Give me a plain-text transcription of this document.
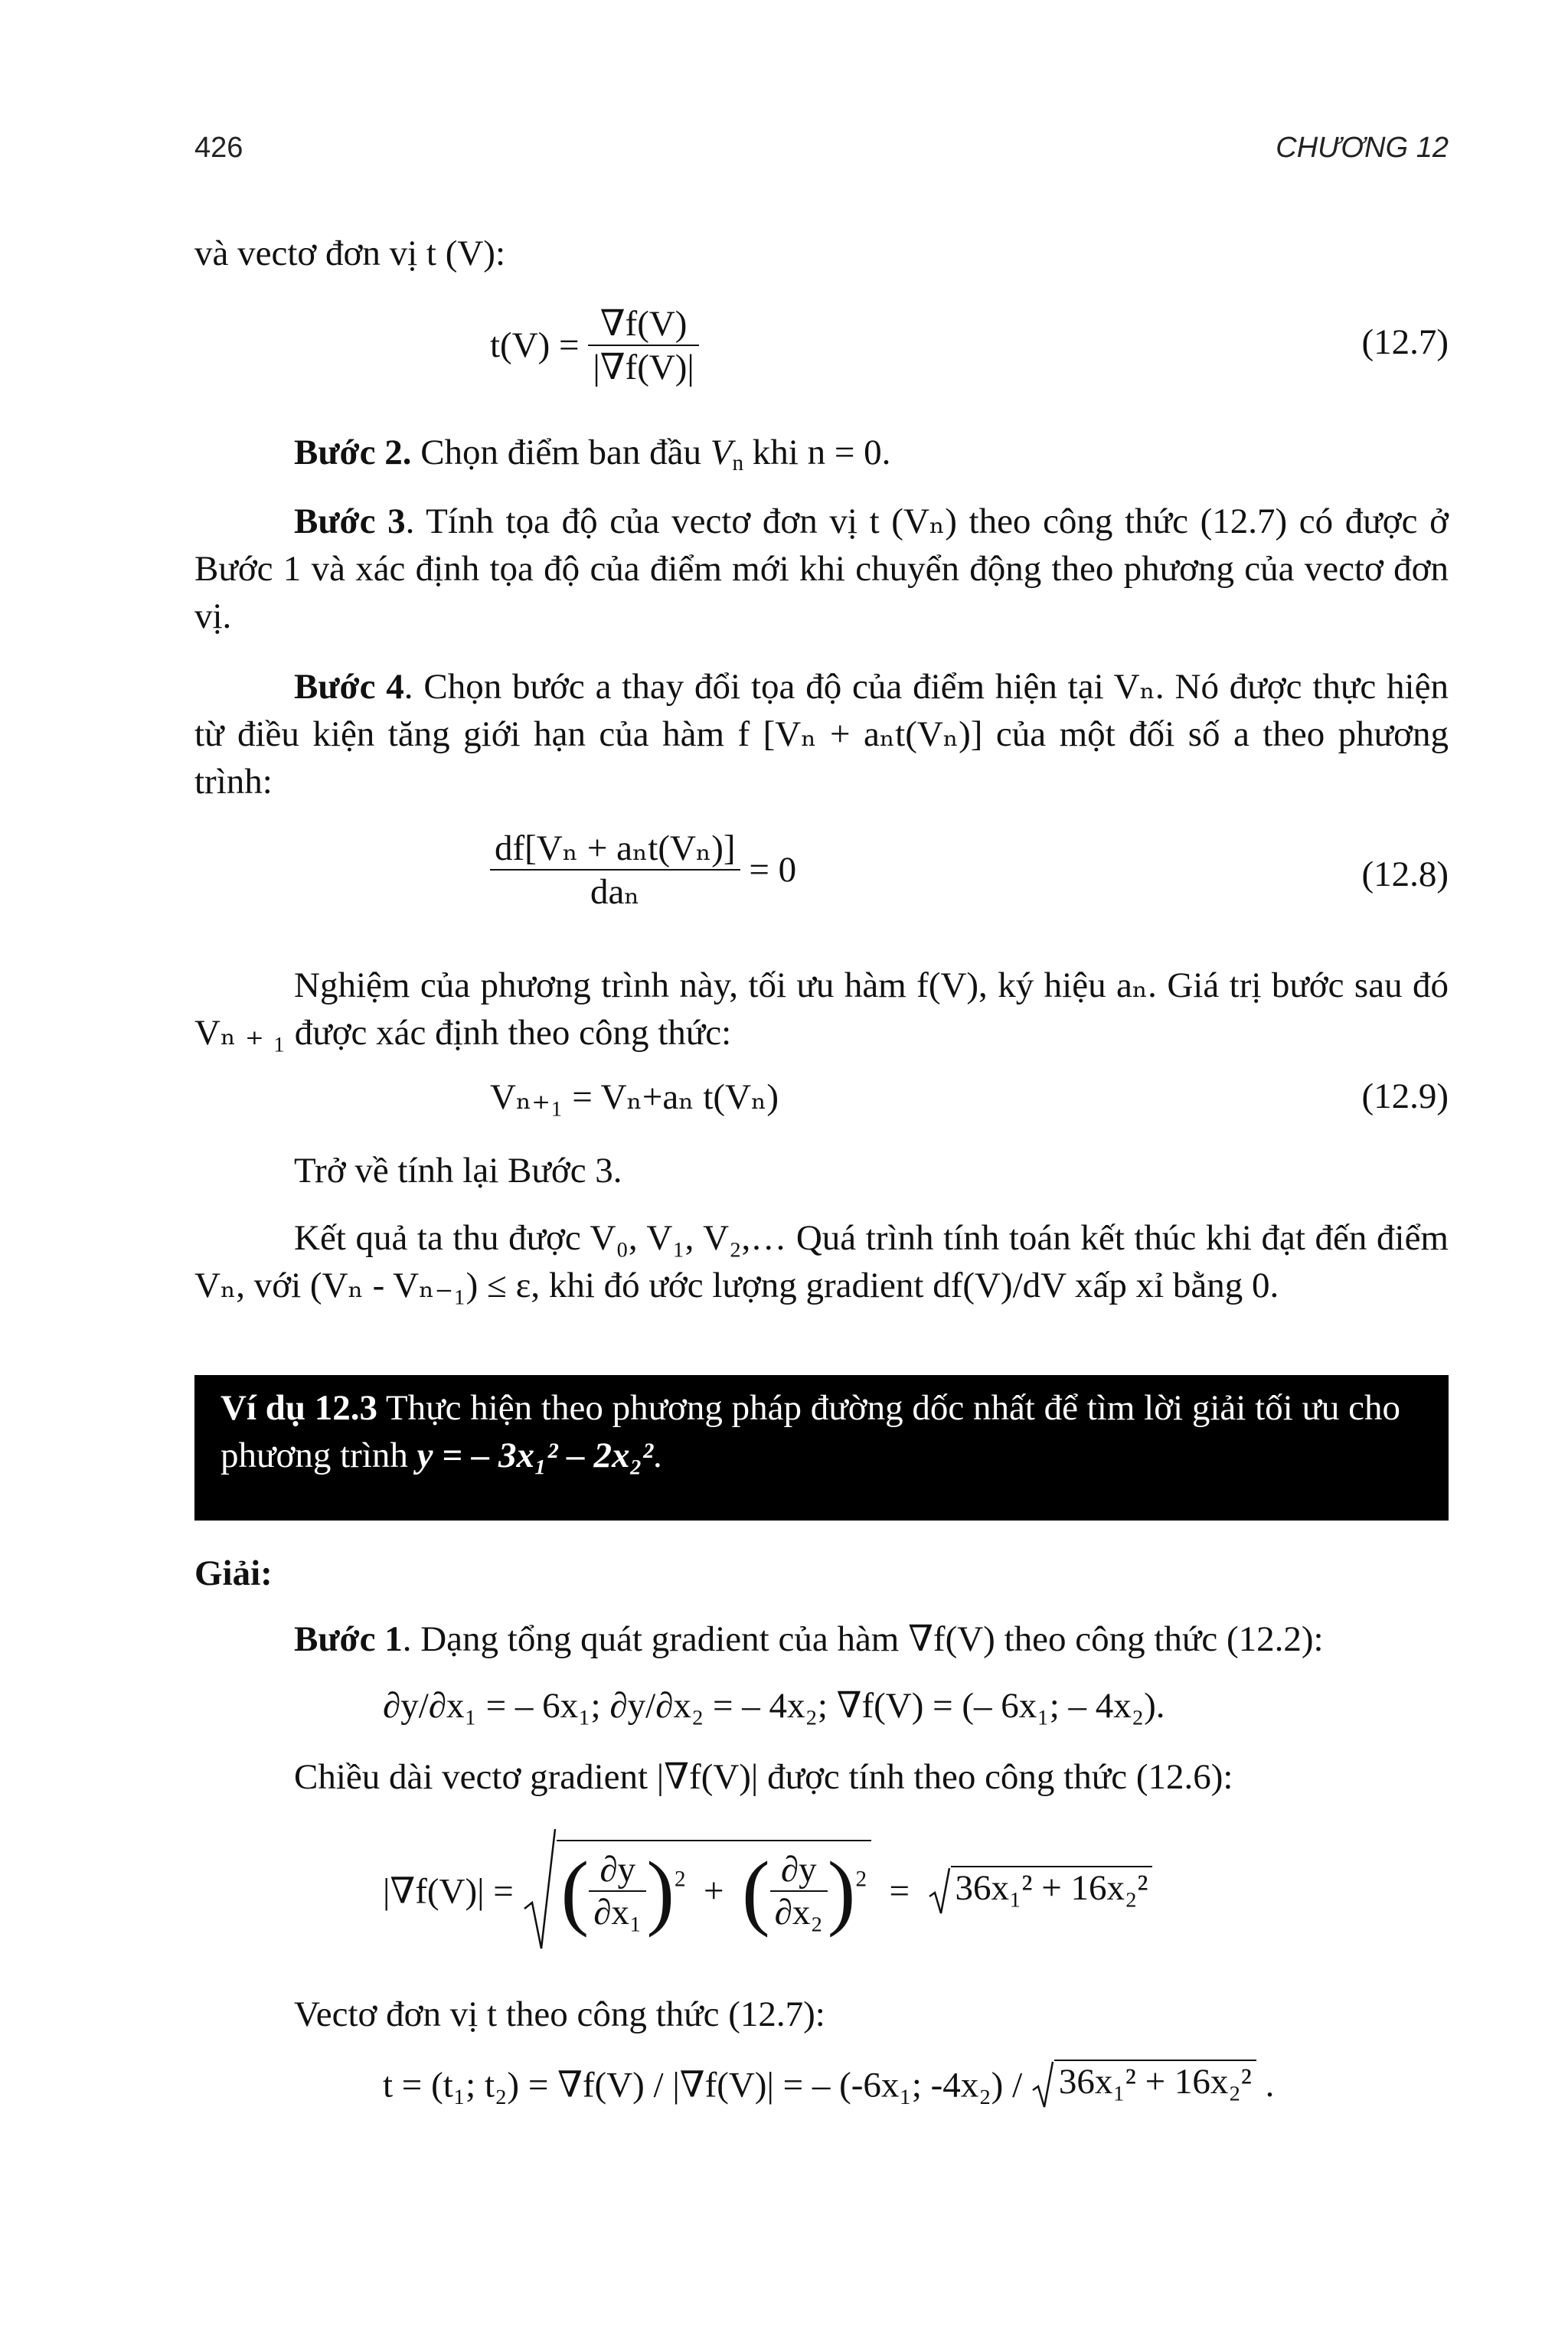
426	CHƯƠNG 12

và vectơ đơn vị t (V):

$t(V) = \frac{\nabla f(V)}{|\nabla f(V)|}$	(12.7)

Bước 2. Chọn điểm ban đầu $V_n$ khi n = 0.

Bước 3. Tính tọa độ của vectơ đơn vị t (Vₙ) theo công thức (12.7) có được ở Bước 1 và xác định tọa độ của điểm mới khi chuyển động theo phương của vectơ đơn vị.

Bước 4. Chọn bước a thay đổi tọa độ của điểm hiện tại Vₙ. Nó được thực hiện từ điều kiện tăng giới hạn của hàm f [Vₙ + aₙt(Vₙ)] của một đối số a theo phương trình:

$\frac{\text{df[Vₙ + aₙt(Vₙ)]}}{\text{daₙ}} = 0$	(12.8)

Nghiệm của phương trình này, tối ưu hàm f(V), ký hiệu aₙ. Giá trị bước sau đó Vₙ ₊ ₁ được xác định theo công thức:

Vₙ₊₁ = Vₙ+aₙ t(Vₙ)	(12.9)

Trở về tính lại Bước 3.

Kết quả ta thu được V₀, V₁, V₂,… Quá trình tính toán kết thúc khi đạt đến điểm Vₙ, với (Vₙ - Vₙ₋₁) ≤ ε, khi đó ước lượng gradient df(V)/dV xấp xỉ bằng 0.

Ví dụ 12.3 Thực hiện theo phương pháp đường dốc nhất để tìm lời giải tối ưu cho phương trình y = – 3x₁² – 2x₂².

Giải:

Bước 1. Dạng tổng quát gradient của hàm ∇f(V) theo công thức (12.2):

∂y/∂x₁ = – 6x₁; ∂y/∂x₂ = – 4x₂; ∇f(V) = (– 6x₁; – 4x₂).

Chiều dài vectơ gradient |∇f(V)| được tính theo công thức (12.6):

|∇f(V)| = ( $\frac{\partial y}{\text{∂x₁}} )^2$  +  ( $\frac{\partial y}{\text{∂x₂}} )^2 = 36x_1^2 + 16x_2^2$

Vectơ đơn vị t theo công thức (12.7):

t = (t₁; t₂) = ∇f(V) / |∇f(V)| = – (-6x₁; -4x₂) / 36x₁² + 16x₂² .
